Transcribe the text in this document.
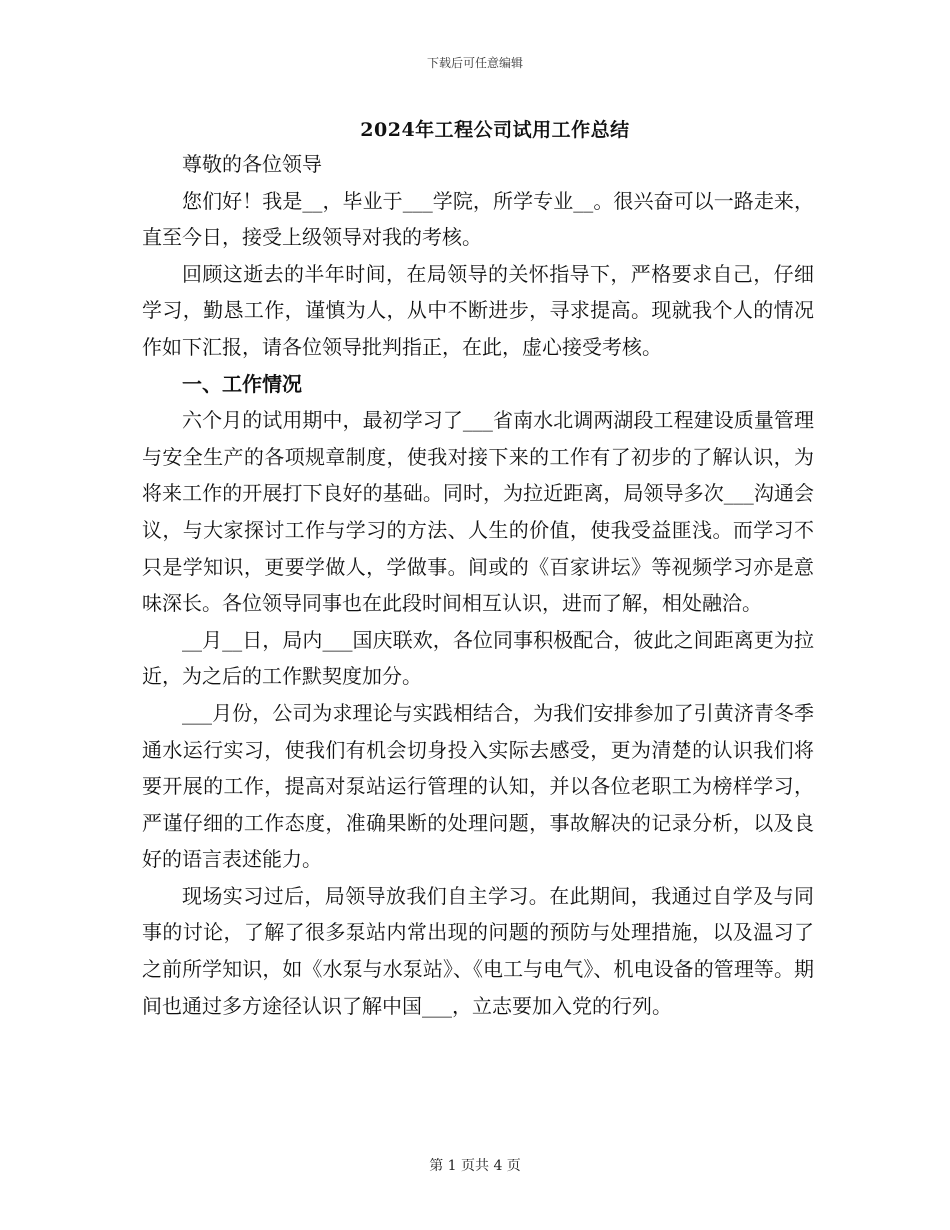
下载后可任意编辑
2024年工程公司试用工作总结

尊敬的各位领导

您们好！我是__，毕业于___学院，所学专业__。很兴奋可以一路走来，直至今日，接受上级领导对我的考核。

回顾这逝去的半年时间，在局领导的关怀指导下，严格要求自己，仔细学习，勤恳工作，谨慎为人，从中不断进步，寻求提高。现就我个人的情况作如下汇报，请各位领导批判指正，在此，虚心接受考核。

一、工作情况

六个月的试用期中，最初学习了___省南水北调两湖段工程建设质量管理与安全生产的各项规章制度，使我对接下来的工作有了初步的了解认识，为将来工作的开展打下良好的基础。同时，为拉近距离，局领导多次___沟通会议，与大家探讨工作与学习的方法、人生的价值，使我受益匪浅。而学习不只是学知识，更要学做人，学做事。间或的《百家讲坛》等视频学习亦是意味深长。各位领导同事也在此段时间相互认识，进而了解，相处融洽。

__月__日，局内___国庆联欢，各位同事积极配合，彼此之间距离更为拉近，为之后的工作默契度加分。

___月份，公司为求理论与实践相结合，为我们安排参加了引黄济青冬季通水运行实习，使我们有机会切身投入实际去感受，更为清楚的认识我们将要开展的工作，提高对泵站运行管理的认知，并以各位老职工为榜样学习，严谨仔细的工作态度，准确果断的处理问题，事故解决的记录分析，以及良好的语言表述能力。

现场实习过后，局领导放我们自主学习。在此期间，我通过自学及与同事的讨论，了解了很多泵站内常出现的问题的预防与处理措施，以及温习了之前所学知识，如《水泵与水泵站》、《电工与电气》、机电设备的管理等。期间也通过多方途径认识了解中国___，立志要加入党的行列。

第 1 页共 4 页
